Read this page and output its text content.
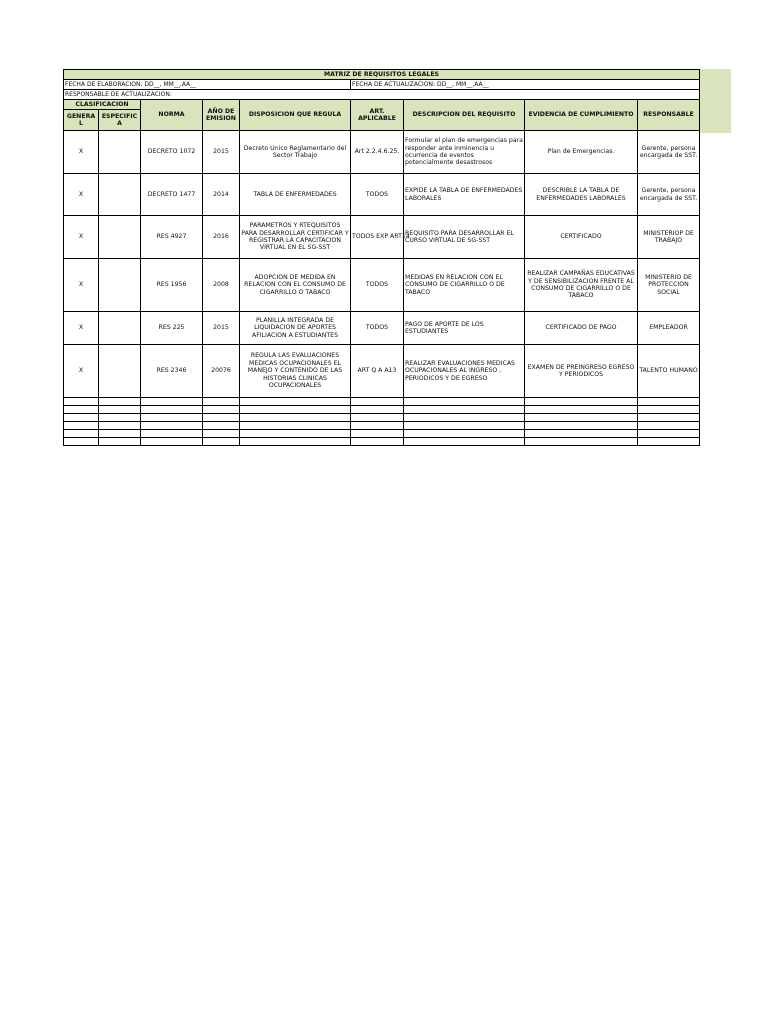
MATRIZ DE REQUISITOS LEGALES								
FECHA DE ELABORACION: DD__, MM__,AA__					FECHA DE ACTUALIZACION: DD__, MM__,AA__			
RESPONSABLE DE ACTUALIZACION:								
CLASIFICACION		NORMA	AÑO DE EMISION	DISPOSICION QUE REGULA	ART. APLICABLE	DESCRIPCION DEL REQUISITO	EVIDENCIA DE CUMPLIMIENTO	RESPONSABLE
GENERAL	ESPECIFICA							
X		DECRETO 1072	2015	Decreto Unico Reglamentario del Sector Trabajo	Art 2.2.4.6.25.	Formular el plan de emergencias para responder ante inminencia u ocurrencia de eventos potencialmente desastrosos	Plan de Emergencias.	Gerente, persona encargada de SST.
X		DECRETO 1477	2014	TABLA DE ENFERMEDADES	TODOS	EXPIDE LA TABLA DE ENFERMEDADES LABORALES	DESCRIBLE LA TABLA DE ENFERMEDADES LABORALES	Gerente, persona encargada de SST.
X		RES 4927	2016	PARAMETROS Y RTEQUISITOS PARA DESARROLLAR CERTIFICAR Y REGISTRAR LA CAPACITACION VIRTUAL EN EL SG-SST	TODOS EXP ART14	REQUISITO PARA DESARROLLAR EL CURSO VIRTUAL DE SG-SST	CERTIFICADO	MINISTERIOP DE TRABAJO
X		RES 1956	2008	ADOPCION DE MEDIDA EN RELACION CON EL CONSUMO DE CIGARRILLO O TABACO	TODOS	MEDIDAS EN RELACION CON EL CONSUMO DE CIGARRILLO O DE TABACO	REALIZAR CAMPAÑAS EDUCATIVAS Y DE SENSIBILIZACION FRENTE AL CONSUMO DE CIGARRILLO O DE TABACO	MINISTERIO DE PROTECCION SOCIAL
X		RES 225	2015	PLANILLA INTEGRADA DE LIQUIDACION DE APORTES AFILIACION A ESTUDIANTES	TODOS	PAGO DE APORTE DE LOS ESTUDIANTES	CERTIFICADO DE PAGO	EMPLEADOR
X		RES 2346	20076	REGULA LAS EVALUACIONES MEDICAS OCUPACIONALES EL MANEJO Y CONTENIDO DE LAS HISTORIAS CLINICAS OCUPACIONALES	ART Q A A13	REALIZAR EVALUACIONES MEDICAS OCUPACIONALES AL INGRESO , PERIODICOS Y DE EGRESO	EXAMEN DE PREINGRESO EGRESO Y PERIODICOS	TALENTO HUMANO
